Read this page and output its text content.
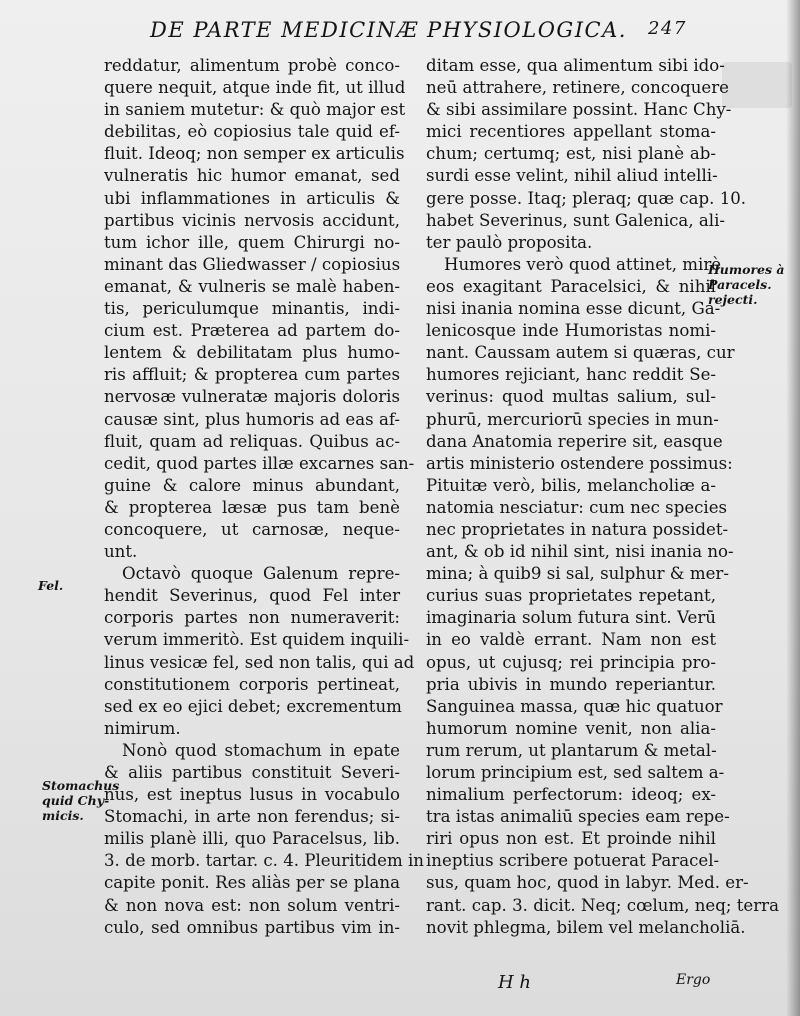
DE PARTE MEDICINÆ PHYSIOLOGICA. 247
reddatur, alimentum probè conco-
quere nequit, atque inde fit, ut illud
in saniem mutetur: & quò major est
debilitas, eò copiosius tale quid ef-
fluit. Ideoq; non semper ex articulis
vulneratis hic humor emanat, sed
ubi inflammationes in articulis &
partibus vicinis nervosis accidunt,
tum ichor ille, quem Chirurgi no-
minant das Gliedwasser / copiosius
emanat, & vulneris se malè haben-
tis, periculumque minantis, indi-
cium est. Præterea ad partem do-
lentem & debilitatam plus humo-
ris affluit; & propterea cum partes
nervosæ vulneratæ majoris doloris
causæ sint, plus humoris ad eas af-
fluit, quam ad reliquas. Quibus ac-
cedit, quod partes illæ excarnes san-
guine & calore minus abundant,
& propterea læsæ pus tam benè
concoquere, ut carnosæ, neque-
unt.
Octavò quoque Galenum repre-
hendit Severinus, quod Fel inter
corporis partes non numeraverit:
verum immeritò. Est quidem inquili-
linus vesicæ fel, sed non talis, qui ad
constitutionem corporis pertineat,
sed ex eo ejici debet; excrementum
nimirum.
Nonò quod stomachum in epate
& aliis partibus constituit Severi-
nus, est ineptus lusus in vocabulo
Stomachi, in arte non ferendus; si-
milis planè illi, quo Paracelsus, lib.
3. de morb. tartar. c. 4. Pleuritidem in
capite ponit. Res aliàs per se plana
& non nova est: non solum ventri-
culo, sed omnibus partibus vim in-
ditam esse, qua alimentum sibi ido-
neū attrahere, retinere, concoquere
& sibi assimilare possint. Hanc Chy-
mici recentiores appellant stoma-
chum; certumq; est, nisi planè ab-
surdi esse velint, nihil aliud intelli-
gere posse. Itaq; pleraq; quæ cap. 10.
habet Severinus, sunt Galenica, ali-
ter paulò proposita.
Humores verò quod attinet, mirè
eos exagitant Paracelsici, & nihil
nisi inania nomina esse dicunt, Ga-
lenicosque inde Humoristas nomi-
nant. Caussam autem si quæras, cur
humores rejiciant, hanc reddit Se-
verinus: quod multas salium, sul-
phurū, mercuriorū species in mun-
dana Anatomia reperire sit, easque
artis ministerio ostendere possimus:
Pituitæ verò, bilis, melancholiæ a-
natomia nesciatur: cum nec species
nec proprietates in natura possidet-
ant, & ob id nihil sint, nisi inania no-
mina; à quib9 si sal, sulphur & mer-
curius suas proprietates repetant,
imaginaria solum futura sint. Verū
in eo valdè errant. Nam non est
opus, ut cujusq; rei principia pro-
pria ubivis in mundo reperiantur.
Sanguinea massa, quæ hic quatuor
humorum nomine venit, non alia-
rum rerum, ut plantarum & metal-
lorum principium est, sed saltem a-
nimalium perfectorum: ideoq; ex-
tra istas animaliū species eam repe-
riri opus non est. Et proinde nihil
ineptius scribere potuerat Paracel-
sus, quam hoc, quod in labyr. Med. er-
rant. cap. 3. dicit. Neq; cœlum, neq; terra
novit phlegma, bilem vel melancholiā.
Humores à
Paracels.
rejecti.
Fel.
Stomachus
quid Chy-
micis.
H h	Ergo
